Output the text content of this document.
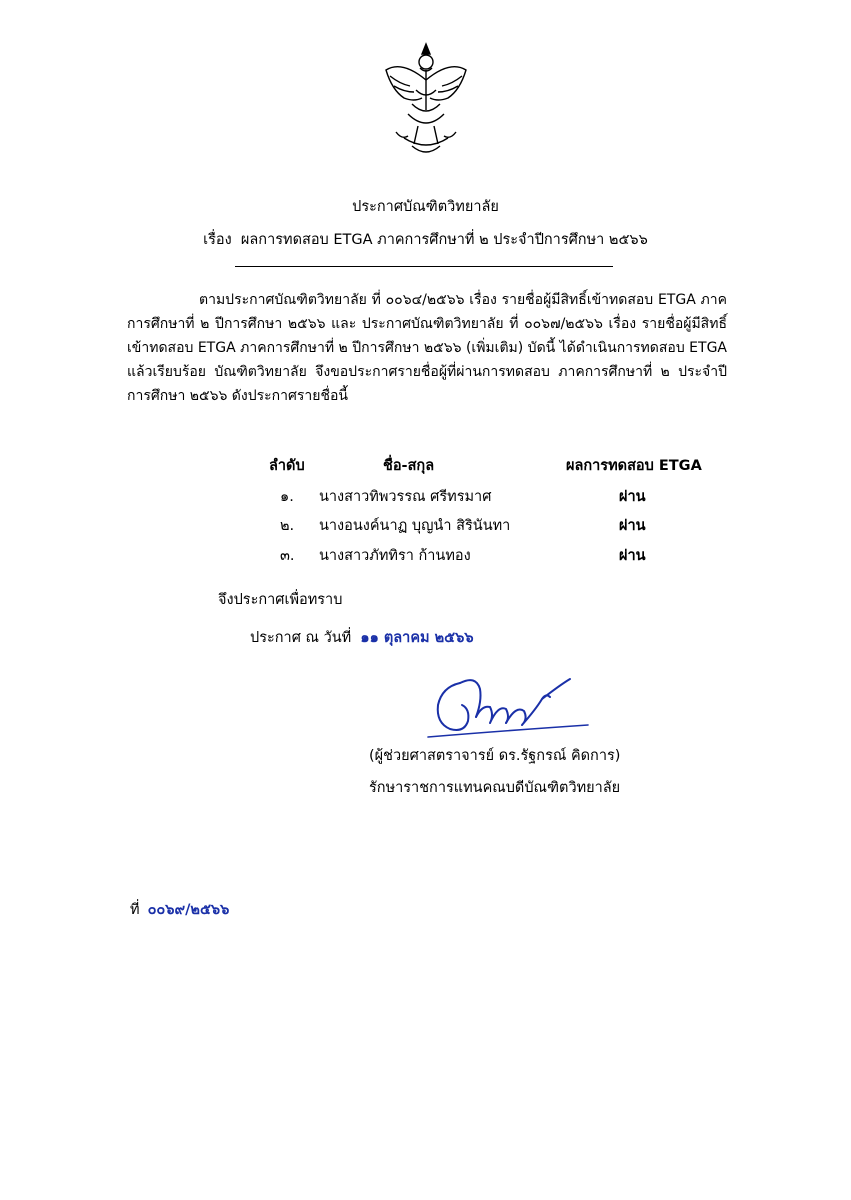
ประกาศบัณฑิตวิทยาลัย
เรื่อง ผลการทดสอบ ETGA ภาคการศึกษาที่ ๒ ประจำปีการศึกษา ๒๕๖๖

ตามประกาศบัณฑิตวิทยาลัย ที่ ๐๐๖๔/๒๕๖๖ เรื่อง รายชื่อผู้มีสิทธิ์เข้าทดสอบ ETGA ภาคการศึกษาที่ ๒ ปีการศึกษา ๒๕๖๖ และ ประกาศบัณฑิตวิทยาลัย ที่ ๐๐๖๗/๒๕๖๖ เรื่อง รายชื่อผู้มีสิทธิ์เข้าทดสอบ ETGA ภาคการศึกษาที่ ๒ ปีการศึกษา ๒๕๖๖ (เพิ่มเติม) บัดนี้ ได้ดำเนินการทดสอบ ETGA แล้วเรียบร้อย บัณฑิตวิทยาลัย จึงขอประกาศรายชื่อผู้ที่ผ่านการทดสอบ ภาคการศึกษาที่ ๒ ประจำปีการศึกษา ๒๕๖๖ ดังประกาศรายชื่อนี้

ลำดับ	ชื่อ-สกุล	ผลการทดสอบ ETGA
๑. นางสาวทิพวรรณ ศรีทรมาศ	ผ่าน
๒. นางอนงค์นาฏ บุญนำ สิรินันทา	ผ่าน
๓. นางสาวภัททิรา ก้านทอง	ผ่าน
จึงประกาศเพื่อทราบ
ประกาศ ณ วันที่ ๑๑ ตุลาคม ๒๕๖๖
(ผู้ช่วยศาสตราจารย์ ดร.รัฐกรณ์ คิดการ)
รักษาราชการแทนคณบดีบัณฑิตวิทยาลัย
ที่ ๐๐๖๙/๒๕๖๖
